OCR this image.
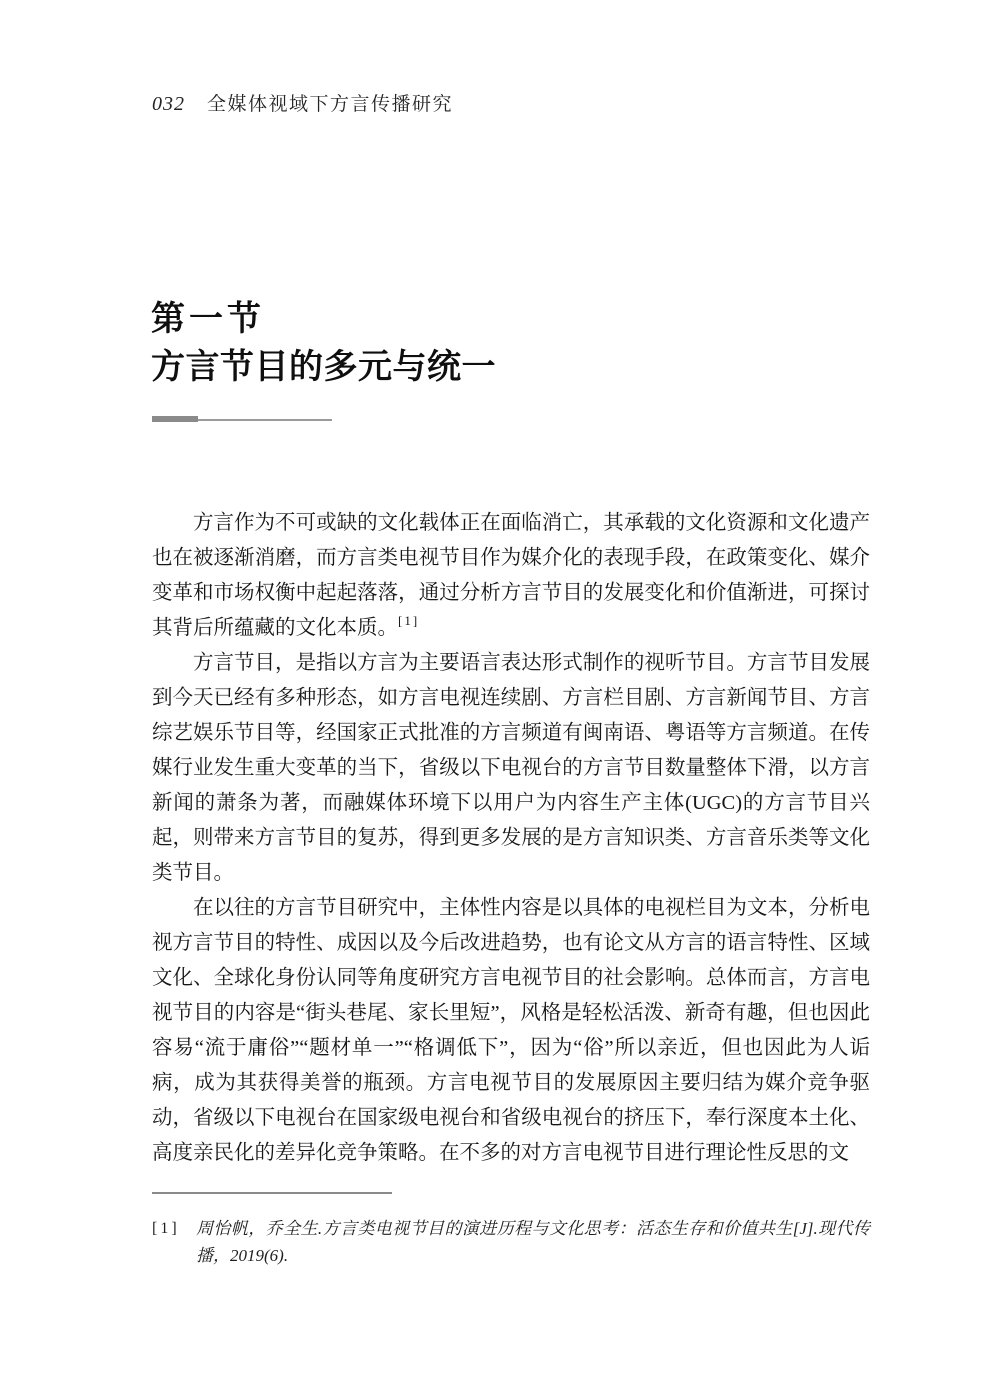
032 全媒体视域下方言传播研究
第一节
方言节目的多元与统一

方言作为不可或缺的文化载体正在面临消亡，其承载的文化资源和文化遗产也在被逐渐消磨，而方言类电视节目作为媒介化的表现手段，在政策变化、媒介变革和市场权衡中起起落落，通过分析方言节目的发展变化和价值渐进，可探讨其背后所蕴藏的文化本质。[1]

方言节目，是指以方言为主要语言表达形式制作的视听节目。方言节目发展到今天已经有多种形态，如方言电视连续剧、方言栏目剧、方言新闻节目、方言综艺娱乐节目等，经国家正式批准的方言频道有闽南语、粤语等方言频道。在传媒行业发生重大变革的当下，省级以下电视台的方言节目数量整体下滑，以方言新闻的萧条为著，而融媒体环境下以用户为内容生产主体(UGC)的方言节目兴起，则带来方言节目的复苏，得到更多发展的是方言知识类、方言音乐类等文化类节目。

在以往的方言节目研究中，主体性内容是以具体的电视栏目为文本，分析电视方言节目的特性、成因以及今后改进趋势，也有论文从方言的语言特性、区域文化、全球化身份认同等角度研究方言电视节目的社会影响。总体而言，方言电视节目的内容是“街头巷尾、家长里短”，风格是轻松活泼、新奇有趣，但也因此容易“流于庸俗”“题材单一”“格调低下”，因为“俗”所以亲近，但也因此为人诟病，成为其获得美誉的瓶颈。方言电视节目的发展原因主要归结为媒介竞争驱动，省级以下电视台在国家级电视台和省级电视台的挤压下，奉行深度本土化、高度亲民化的差异化竞争策略。在不多的对方言电视节目进行理论性反思的文

[1] 周怡帆，乔全生.方言类电视节目的演进历程与文化思考：活态生存和价值共生[J].现代传播，2019(6).
